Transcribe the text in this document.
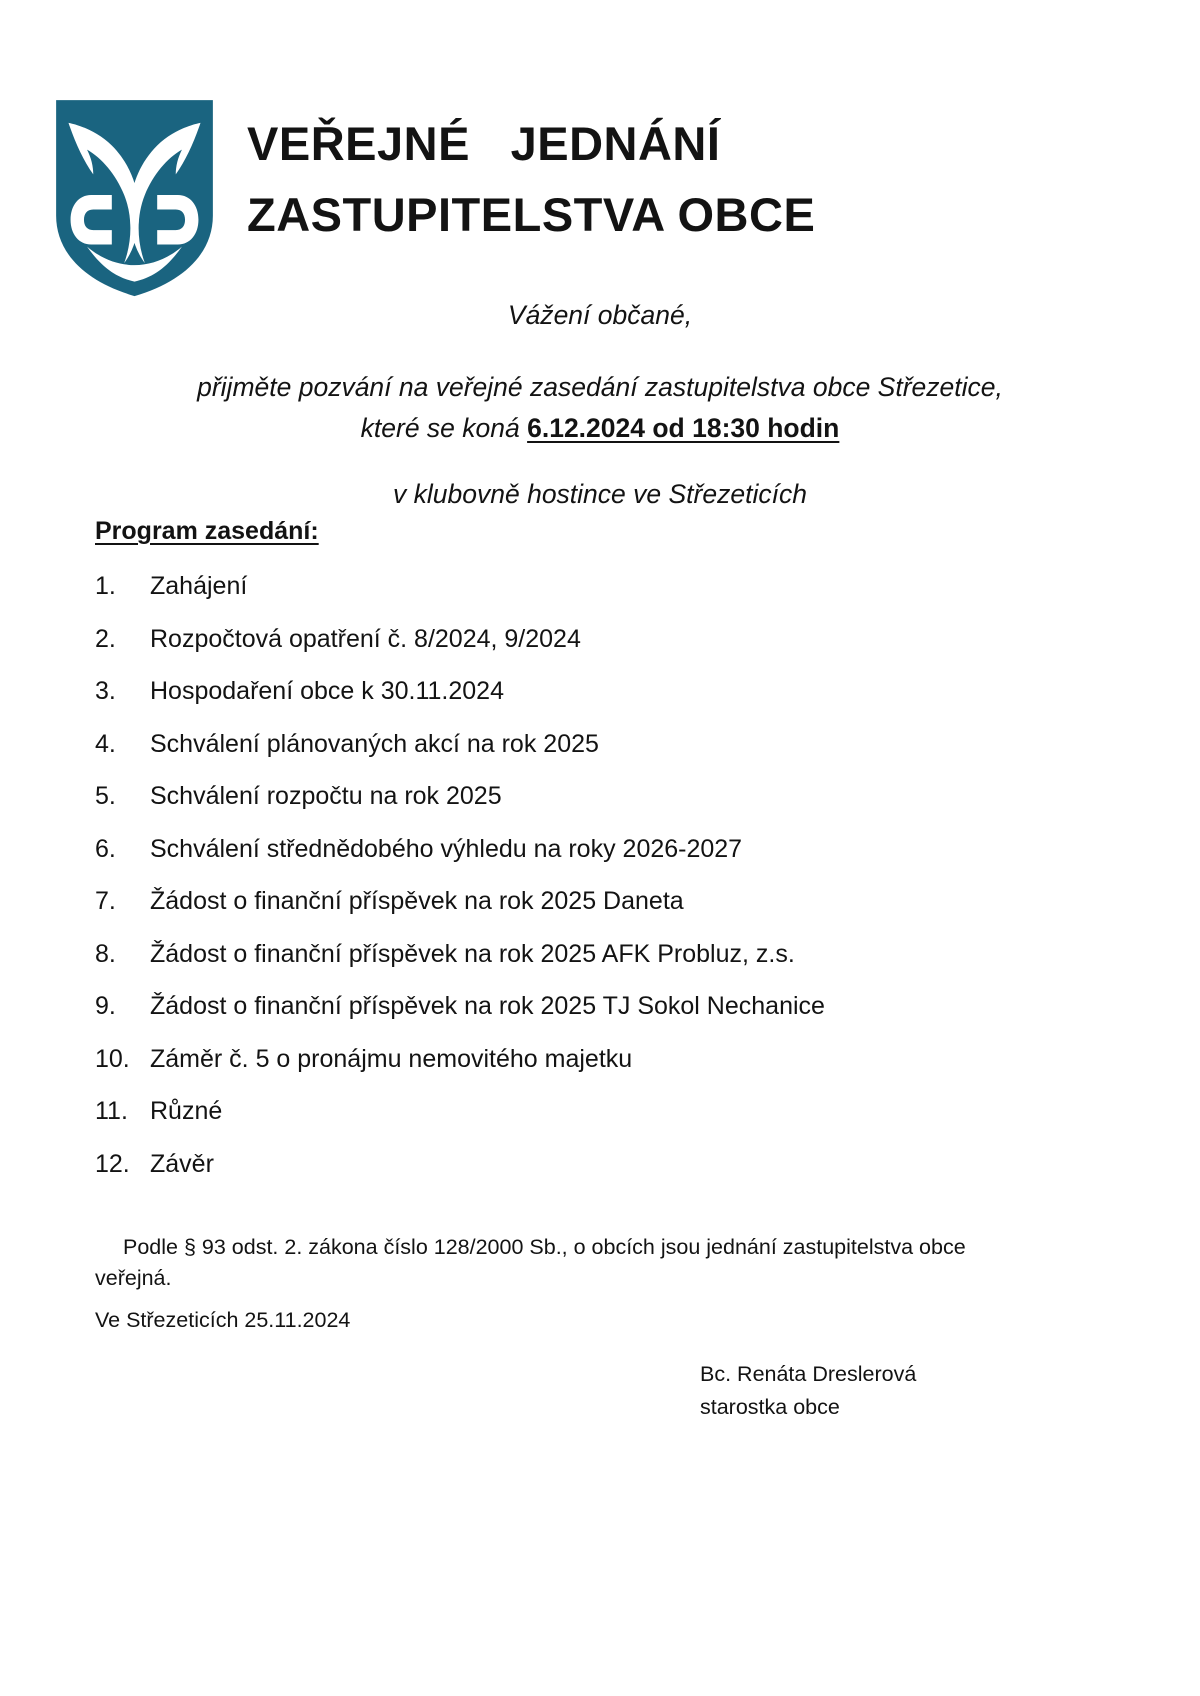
VEŘEJNÉ   JEDNÁNÍ
ZASTUPITELSTVA OBCE
Vážení občané,
přijměte pozvání na veřejné zasedání zastupitelstva obce Střezetice,
které se koná 6.12.2024 od 18:30 hodin
v klubovně hostince ve Střezeticích
Program zasedání:
1.	Zahájení
2.	Rozpočtová opatření č. 8/2024, 9/2024
3.	Hospodaření obce k 30.11.2024
4.	Schválení plánovaných akcí na rok 2025
5.	Schválení rozpočtu na rok 2025
6.	Schválení střednědobého výhledu na roky 2026-2027
7.	Žádost o finanční příspěvek na rok 2025 Daneta
8.	Žádost o finanční příspěvek na rok 2025 AFK Probluz, z.s.
9.	Žádost o finanční příspěvek na rok 2025 TJ Sokol Nechanice
10. Záměr č. 5 o pronájmu nemovitého majetku
11. Různé
12. Závěr
Podle § 93 odst. 2. zákona číslo 128/2000 Sb., o obcích jsou jednání zastupitelstva obce veřejná.
Ve Střezeticích 25.11.2024
Bc. Renáta Dreslerová
starostka obce
